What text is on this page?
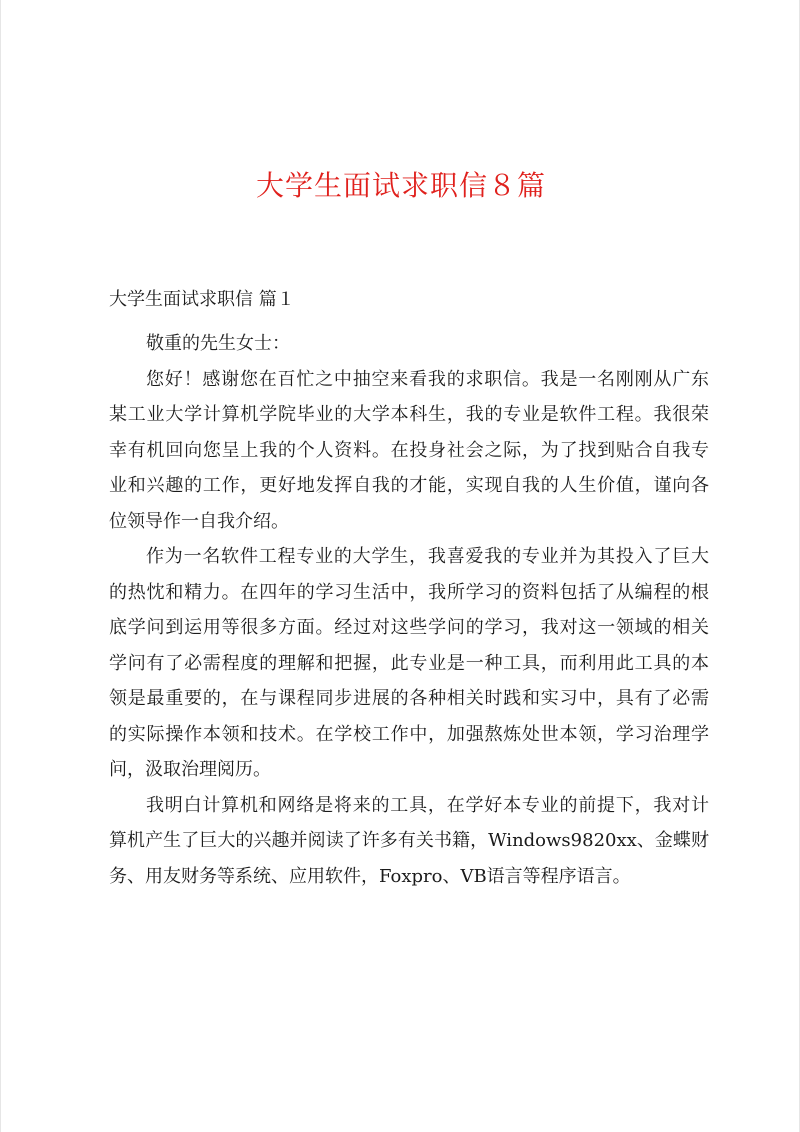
大学生面试求职信８篇
大学生面试求职信 篇１
敬重的先生女士：
您好！感谢您在百忙之中抽空来看我的求职信。我是一名刚刚从广东
某工业大学计算机学院毕业的大学本科生，我的专业是软件工程。我很荣
幸有机回向您呈上我的个人资料。在投身社会之际，为了找到贴合自我专
业和兴趣的工作，更好地发挥自我的才能，实现自我的人生价值，谨向各
位领导作一自我介绍。
作为一名软件工程专业的大学生，我喜爱我的专业并为其投入了巨大
的热忱和精力。在四年的学习生活中，我所学习的资料包括了从编程的根
底学问到运用等很多方面。经过对这些学问的学习，我对这一领域的相关
学问有了必需程度的理解和把握，此专业是一种工具，而利用此工具的本
领是最重要的，在与课程同步进展的各种相关时践和实习中，具有了必需
的实际操作本领和技术。在学校工作中，加强熬炼处世本领，学习治理学
问，汲取治理阅历。
我明白计算机和网络是将来的工具，在学好本专业的前提下，我对计
算机产生了巨大的兴趣并阅读了许多有关书籍，Windows9820xx、金蝶财
务、用友财务等系统、应用软件，Foxpro、VB语言等程序语言。
